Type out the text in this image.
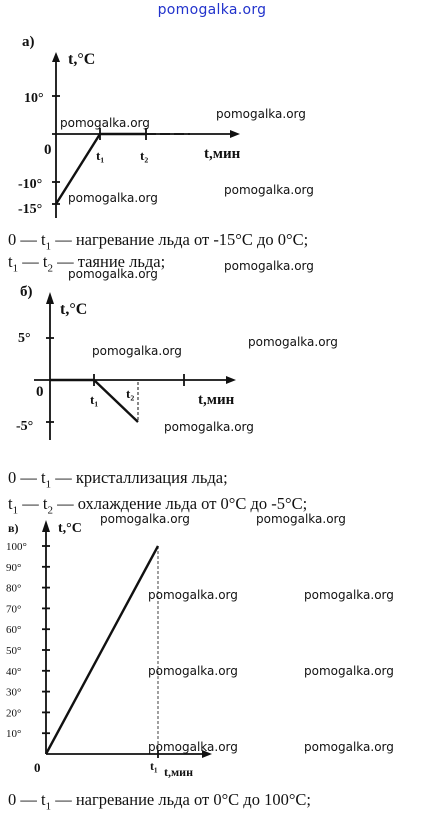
pomogalka.org
а)
t,°C
t,мин
0
10°
-10°
-15°
t₁	t₂
pomogalka.org
pomogalka.org
pomogalka.org
pomogalka.org
0 — $t_1$ — нагревание льда от -15°C до 0°C;
$t_1$ — $t_2$ — таяние льда;
pomogalka.org
pomogalka.org
б)
t,°C
t,мин
0
5°
-5°
t₁ t₂
pomogalka.org
pomogalka.org
pomogalka.org
0 — $t_1$ — кристаллизация льда;
$t_1$ — $t_2$ — охлаждение льда от 0°C до -5°C;
pomogalka.org	pomogalka.org
в)	t,°C
t,мин
0
100°
90°
80°
70°
60°
50°
40°
30°
20°
10°
t₁
pomogalka.org	pomogalka.org
pomogalka.org	pomogalka.org
pomogalka.org	pomogalka.org
0 — $t_1$ — нагревание льда от 0°C до 100°C;
